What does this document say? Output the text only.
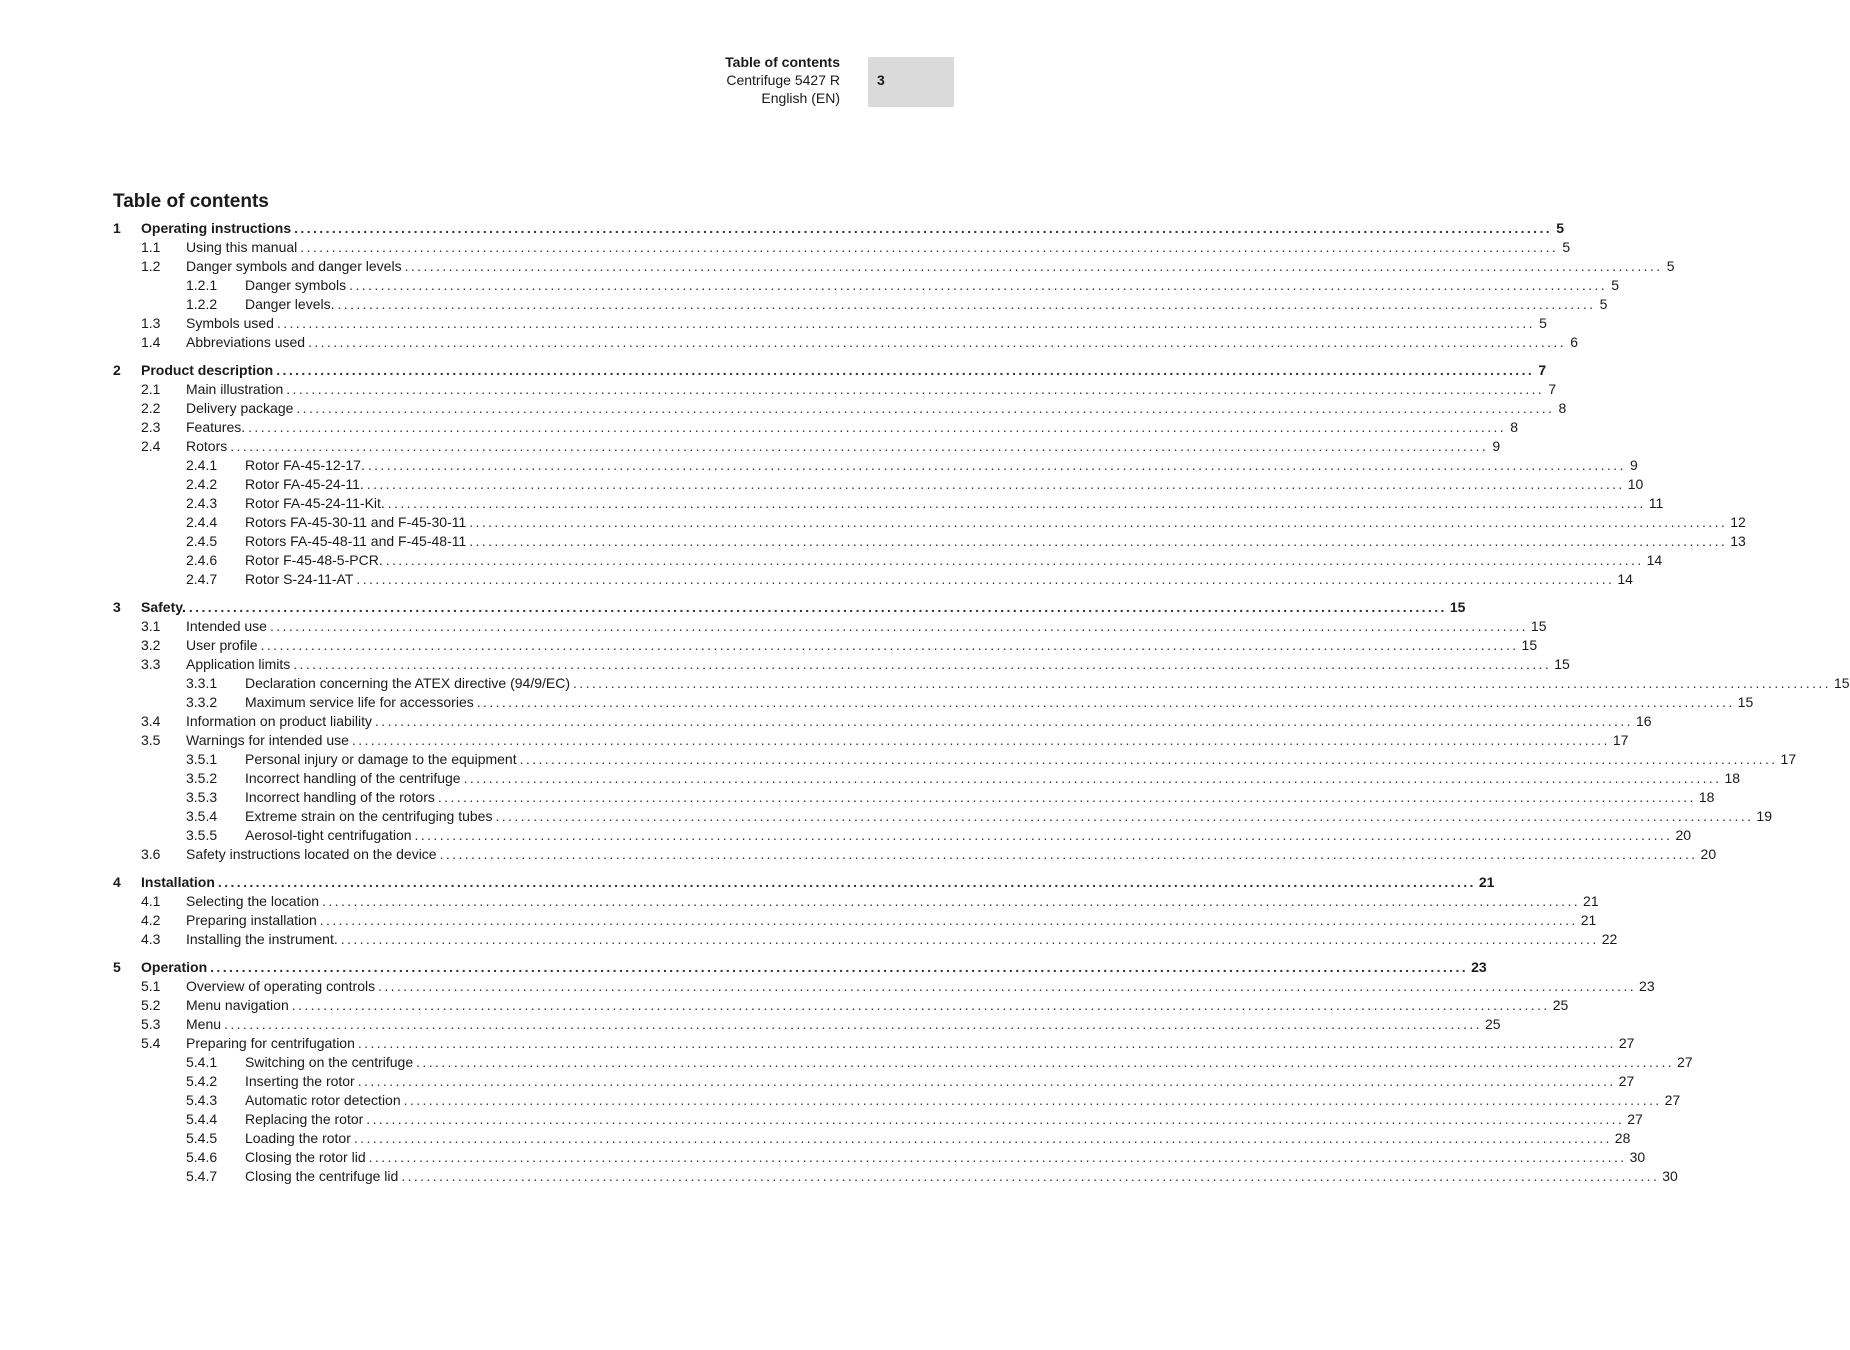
Table of contents
Centrifuge 5427 R
English (EN)
3
Table of contents
1	Operating instructions ........................................................................................................................................................................................................ 5
1.1	Using this manual ........................................................................................................................................................................................................ 5
1.2	Danger symbols and danger levels ........................................................................................................................................................................................................ 5
1.2.1	Danger symbols ........................................................................................................................................................................................................ 5
1.2.2	Danger levels. ........................................................................................................................................................................................................ 5
1.3	Symbols used ........................................................................................................................................................................................................ 5
1.4	Abbreviations used ........................................................................................................................................................................................................ 6
2	Product description ........................................................................................................................................................................................................ 7
2.1	Main illustration ........................................................................................................................................................................................................ 7
2.2	Delivery package ........................................................................................................................................................................................................ 8
2.3	Features. ........................................................................................................................................................................................................ 8
2.4	Rotors ........................................................................................................................................................................................................ 9
2.4.1	Rotor FA-45-12-17. ........................................................................................................................................................................................................ 9
2.4.2	Rotor FA-45-24-11. ........................................................................................................................................................................................................ 10
2.4.3	Rotor FA-45-24-11-Kit. ........................................................................................................................................................................................................ 11
2.4.4	Rotors FA-45-30-11 and F-45-30-11 ........................................................................................................................................................................................................ 12
2.4.5	Rotors FA-45-48-11 and F-45-48-11 ........................................................................................................................................................................................................ 13
2.4.6	Rotor F-45-48-5-PCR. ........................................................................................................................................................................................................ 14
2.4.7	Rotor S-24-11-AT ........................................................................................................................................................................................................ 14
3	Safety. ........................................................................................................................................................................................................ 15
3.1	Intended use ........................................................................................................................................................................................................ 15
3.2	User profile ........................................................................................................................................................................................................ 15
3.3	Application limits ........................................................................................................................................................................................................ 15
3.3.1	Declaration concerning the ATEX directive (94/9/EC) ........................................................................................................................................................................................................ 15
3.3.2	Maximum service life for accessories ........................................................................................................................................................................................................ 15
3.4	Information on product liability ........................................................................................................................................................................................................ 16
3.5	Warnings for intended use ........................................................................................................................................................................................................ 17
3.5.1	Personal injury or damage to the equipment ........................................................................................................................................................................................................ 17
3.5.2	Incorrect handling of the centrifuge ........................................................................................................................................................................................................ 18
3.5.3	Incorrect handling of the rotors ........................................................................................................................................................................................................ 18
3.5.4	Extreme strain on the centrifuging tubes ........................................................................................................................................................................................................ 19
3.5.5	Aerosol-tight centrifugation ........................................................................................................................................................................................................ 20
3.6	Safety instructions located on the device ........................................................................................................................................................................................................ 20
4	Installation ........................................................................................................................................................................................................ 21
4.1	Selecting the location ........................................................................................................................................................................................................ 21
4.2	Preparing installation ........................................................................................................................................................................................................ 21
4.3	Installing the instrument. ........................................................................................................................................................................................................ 22
5	Operation ........................................................................................................................................................................................................ 23
5.1	Overview of operating controls ........................................................................................................................................................................................................ 23
5.2	Menu navigation ........................................................................................................................................................................................................ 25
5.3	Menu ........................................................................................................................................................................................................ 25
5.4	Preparing for centrifugation ........................................................................................................................................................................................................ 27
5.4.1	Switching on the centrifuge ........................................................................................................................................................................................................ 27
5.4.2	Inserting the rotor ........................................................................................................................................................................................................ 27
5.4.3	Automatic rotor detection ........................................................................................................................................................................................................ 27
5.4.4	Replacing the rotor ........................................................................................................................................................................................................ 27
5.4.5	Loading the rotor ........................................................................................................................................................................................................ 28
5.4.6	Closing the rotor lid ........................................................................................................................................................................................................ 30
5.4.7	Closing the centrifuge lid ........................................................................................................................................................................................................ 30
